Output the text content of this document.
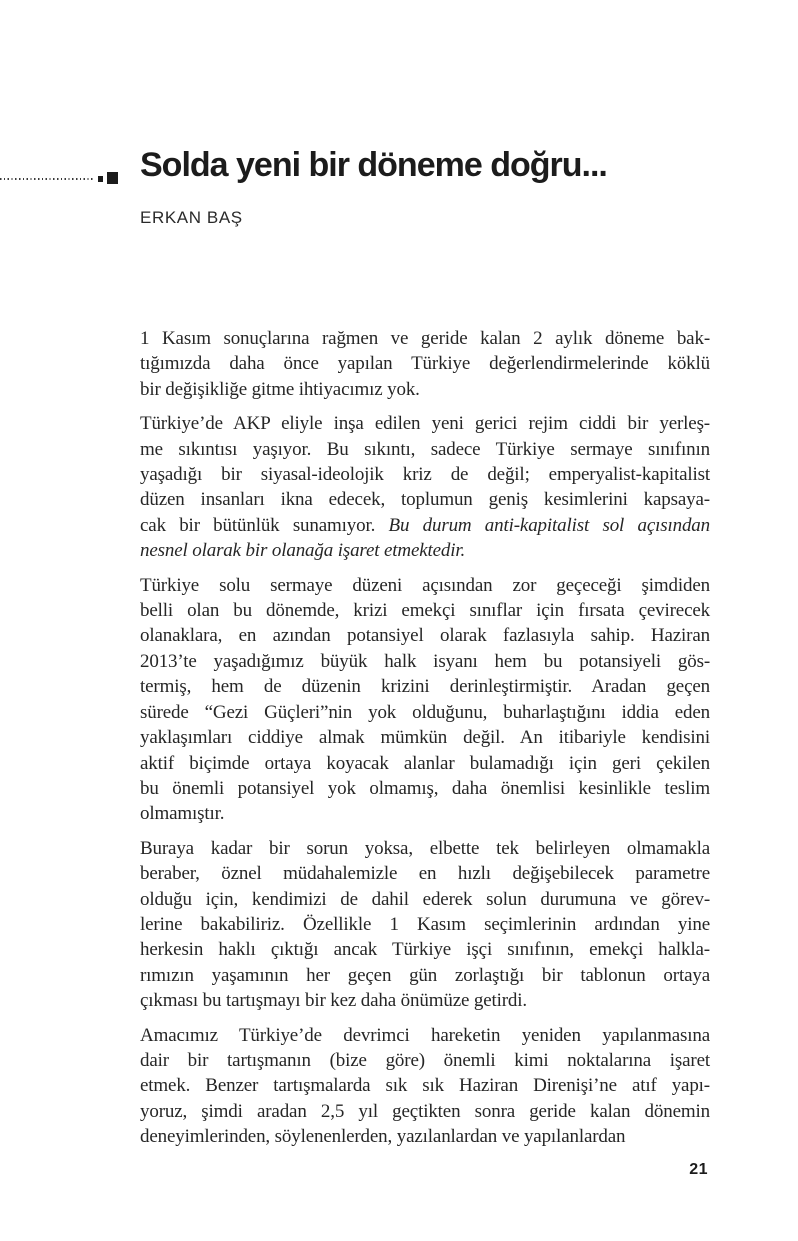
Solda yeni bir döneme doğru...
ERKAN BAŞ
1 Kasım sonuçlarına rağmen ve geride kalan 2 aylık döneme bak-
tığımızda daha önce yapılan Türkiye değerlendirmelerinde köklü
bir değişikliğe gitme ihtiyacımız yok.
Türkiye’de AKP eliyle inşa edilen yeni gerici rejim ciddi bir yerleş-
me sıkıntısı yaşıyor. Bu sıkıntı, sadece Türkiye sermaye sınıfının
yaşadığı bir siyasal-ideolojik kriz de değil; emperyalist-kapitalist
düzen insanları ikna edecek, toplumun geniş kesimlerini kapsaya-
cak bir bütünlük sunamıyor. Bu durum anti-kapitalist sol açısından
nesnel olarak bir olanağa işaret etmektedir.
Türkiye solu sermaye düzeni açısından zor geçeceği şimdiden
belli olan bu dönemde, krizi emekçi sınıflar için fırsata çevirecek
olanaklara, en azından potansiyel olarak fazlasıyla sahip. Haziran
2013’te yaşadığımız büyük halk isyanı hem bu potansiyeli gös-
termiş, hem de düzenin krizini derinleştirmiştir. Aradan geçen
sürede “Gezi Güçleri”nin yok olduğunu, buharlaştığını iddia eden
yaklaşımları ciddiye almak mümkün değil. An itibariyle kendisini
aktif biçimde ortaya koyacak alanlar bulamadığı için geri çekilen
bu önemli potansiyel yok olmamış, daha önemlisi kesinlikle teslim
olmamıştır.
Buraya kadar bir sorun yoksa, elbette tek belirleyen olmamakla
beraber, öznel müdahalemizle en hızlı değişebilecek parametre
olduğu için, kendimizi de dahil ederek solun durumuna ve görev-
lerine bakabiliriz. Özellikle 1 Kasım seçimlerinin ardından yine
herkesin haklı çıktığı ancak Türkiye işçi sınıfının, emekçi halkla-
rımızın yaşamının her geçen gün zorlaştığı bir tablonun ortaya
çıkması bu tartışmayı bir kez daha önümüze getirdi.
Amacımız Türkiye’de devrimci hareketin yeniden yapılanmasına
dair bir tartışmanın (bize göre) önemli kimi noktalarına işaret
etmek. Benzer tartışmalarda sık sık Haziran Direnişi’ne atıf yapı-
yoruz, şimdi aradan 2,5 yıl geçtikten sonra geride kalan dönemin
deneyimlerinden, söylenenlerden, yazılanlardan ve yapılanlardan
21
